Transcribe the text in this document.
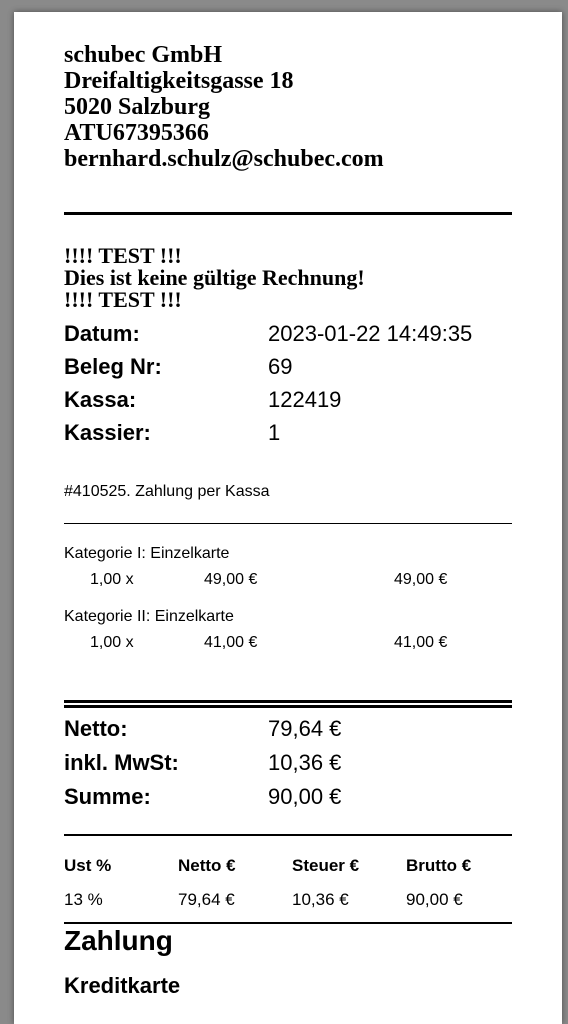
schubec GmbH
Dreifaltigkeitsgasse 18
5020 Salzburg
ATU67395366
bernhard.schulz@schubec.com
!!!! TEST !!!
Dies ist keine gültige Rechnung!
!!!! TEST !!!
Datum:	2023-01-22 14:49:35
Beleg Nr:	69
Kassa:	122419
Kassier:	1
#410525. Zahlung per Kassa
Kategorie I: Einzelkarte
1,00 x	49,00 €	49,00 €
Kategorie II: Einzelkarte
1,00 x	41,00 €	41,00 €
Netto:	79,64 €
inkl. MwSt:	10,36 €
Summe:	90,00 €
Ust %	Netto €	Steuer €	Brutto €
13 %	79,64 €	10,36 €	90,00 €
Zahlung
Kreditkarte
